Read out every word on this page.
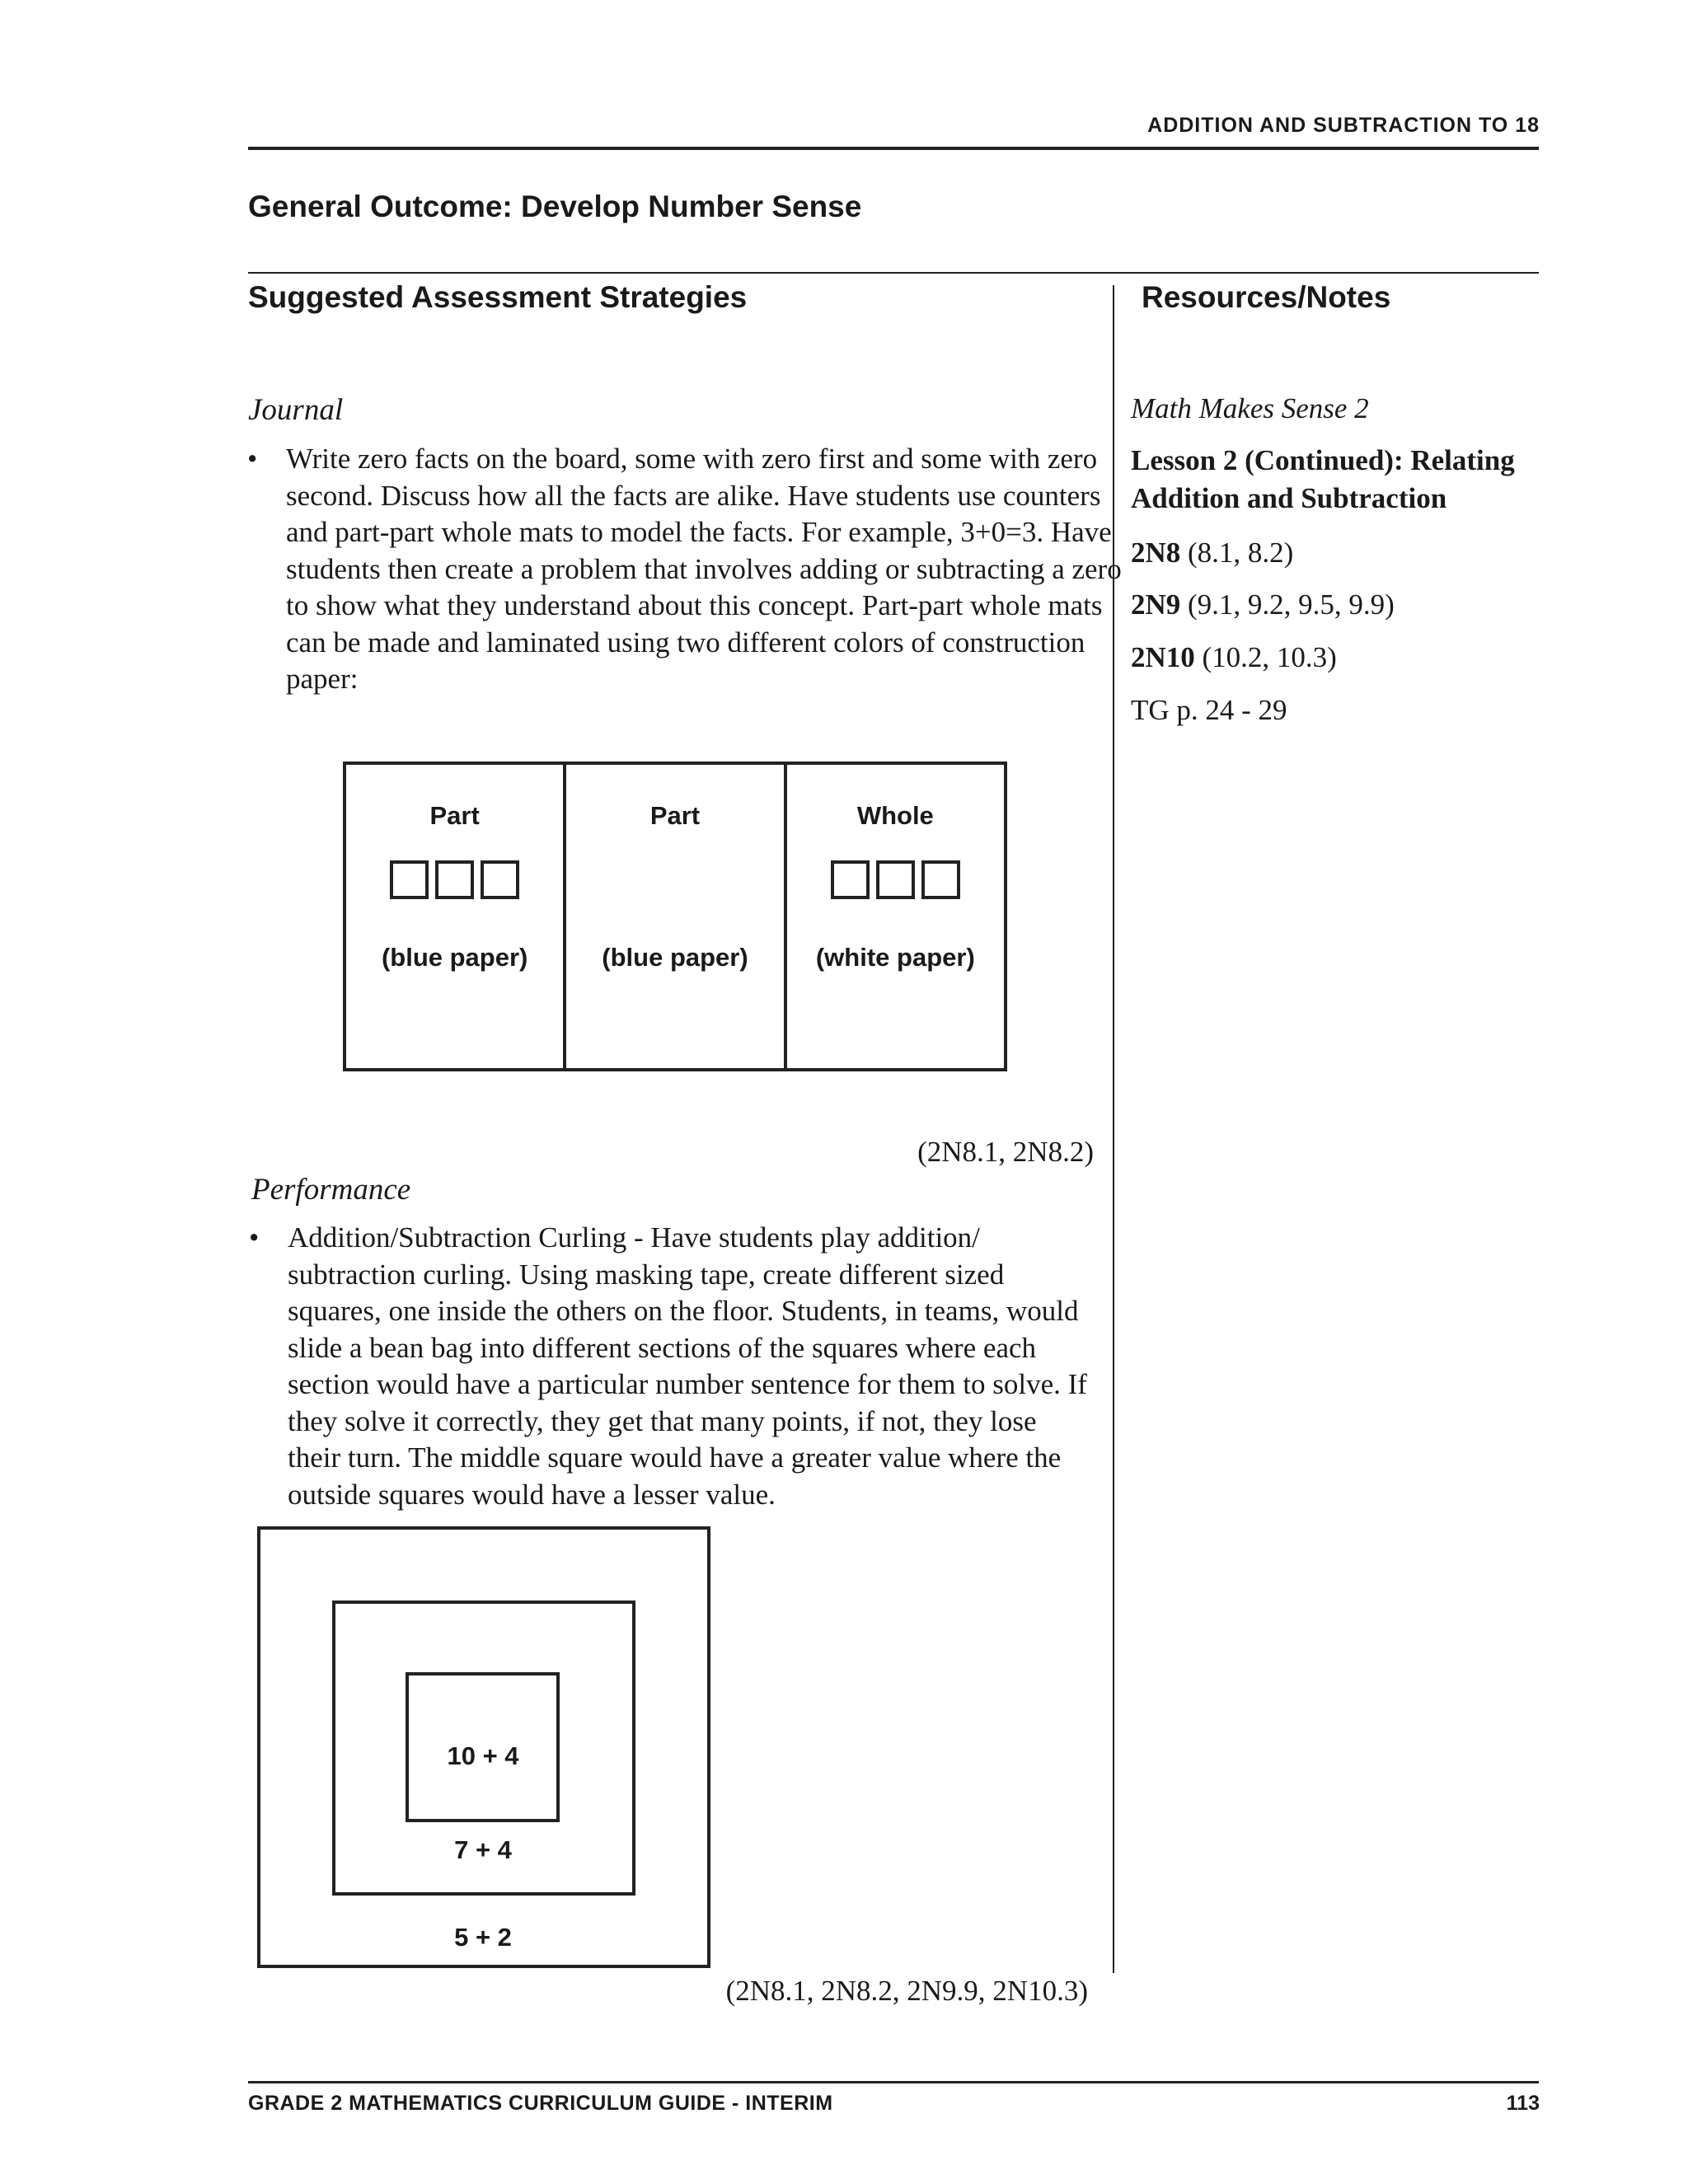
ADDITION AND SUBTRACTION TO 18
General Outcome: Develop Number Sense
Suggested Assessment Strategies	Resources/Notes
Journal
• Write zero facts on the board, some with zero first and some with zero second. Discuss how all the facts are alike. Have students use counters and part-part whole mats to model the facts. For example, 3+0=3. Have students then create a problem that involves adding or subtracting a zero to show what they understand about this concept. Part-part whole mats can be made and laminated using two different colors of construction paper:
Part
(blue paper)
Part
(blue paper)
Whole
(white paper)
(2N8.1, 2N8.2)
Performance
• Addition/Subtraction Curling - Have students play addition/ subtraction curling. Using masking tape, create different sized squares, one inside the others on the floor. Students, in teams, would slide a bean bag into different sections of the squares where each section would have a particular number sentence for them to solve. If they solve it correctly, they get that many points, if not, they lose their turn. The middle square would have a greater value where the outside squares would have a lesser value.
10 + 4
7 + 4
5 + 2
(2N8.1, 2N8.2, 2N9.9, 2N10.3)
Math Makes Sense 2
Lesson 2 (Continued): Relating Addition and Subtraction
2N8 (8.1, 8.2)
2N9 (9.1, 9.2, 9.5, 9.9)
2N10 (10.2, 10.3)
TG p. 24 - 29
GRADE 2 MATHEMATICS CURRICULUM GUIDE - INTERIM	113
